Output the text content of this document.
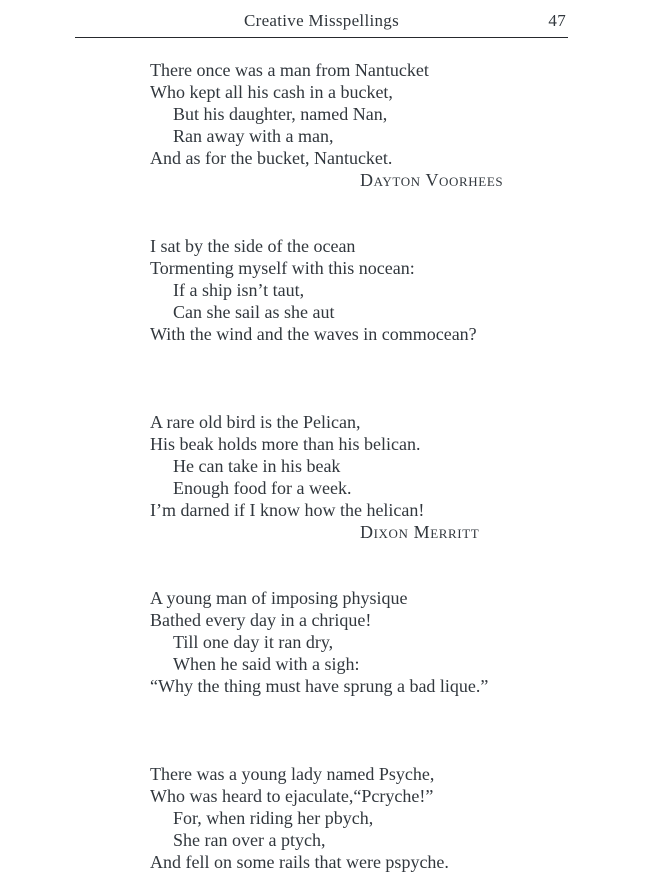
Creative Misspellings	47
There once was a man from Nantucket
Who kept all his cash in a bucket,
But his daughter, named Nan,
Ran away with a man,
And as for the bucket, Nantucket.
Dayton Voorhees
I sat by the side of the ocean
Tormenting myself with this nocean:
If a ship isn’t taut,
Can she sail as she aut
With the wind and the waves in commocean?
A rare old bird is the Pelican,
His beak holds more than his belican.
He can take in his beak
Enough food for a week.
I’m darned if I know how the helican!
Dixon Merritt
A young man of imposing physique
Bathed every day in a chrique!
Till one day it ran dry,
When he said with a sigh:
“Why the thing must have sprung a bad lique.”
There was a young lady named Psyche,
Who was heard to ejaculate,“Pcryche!”
For, when riding her pbych,
She ran over a ptych,
And fell on some rails that were pspyche.
